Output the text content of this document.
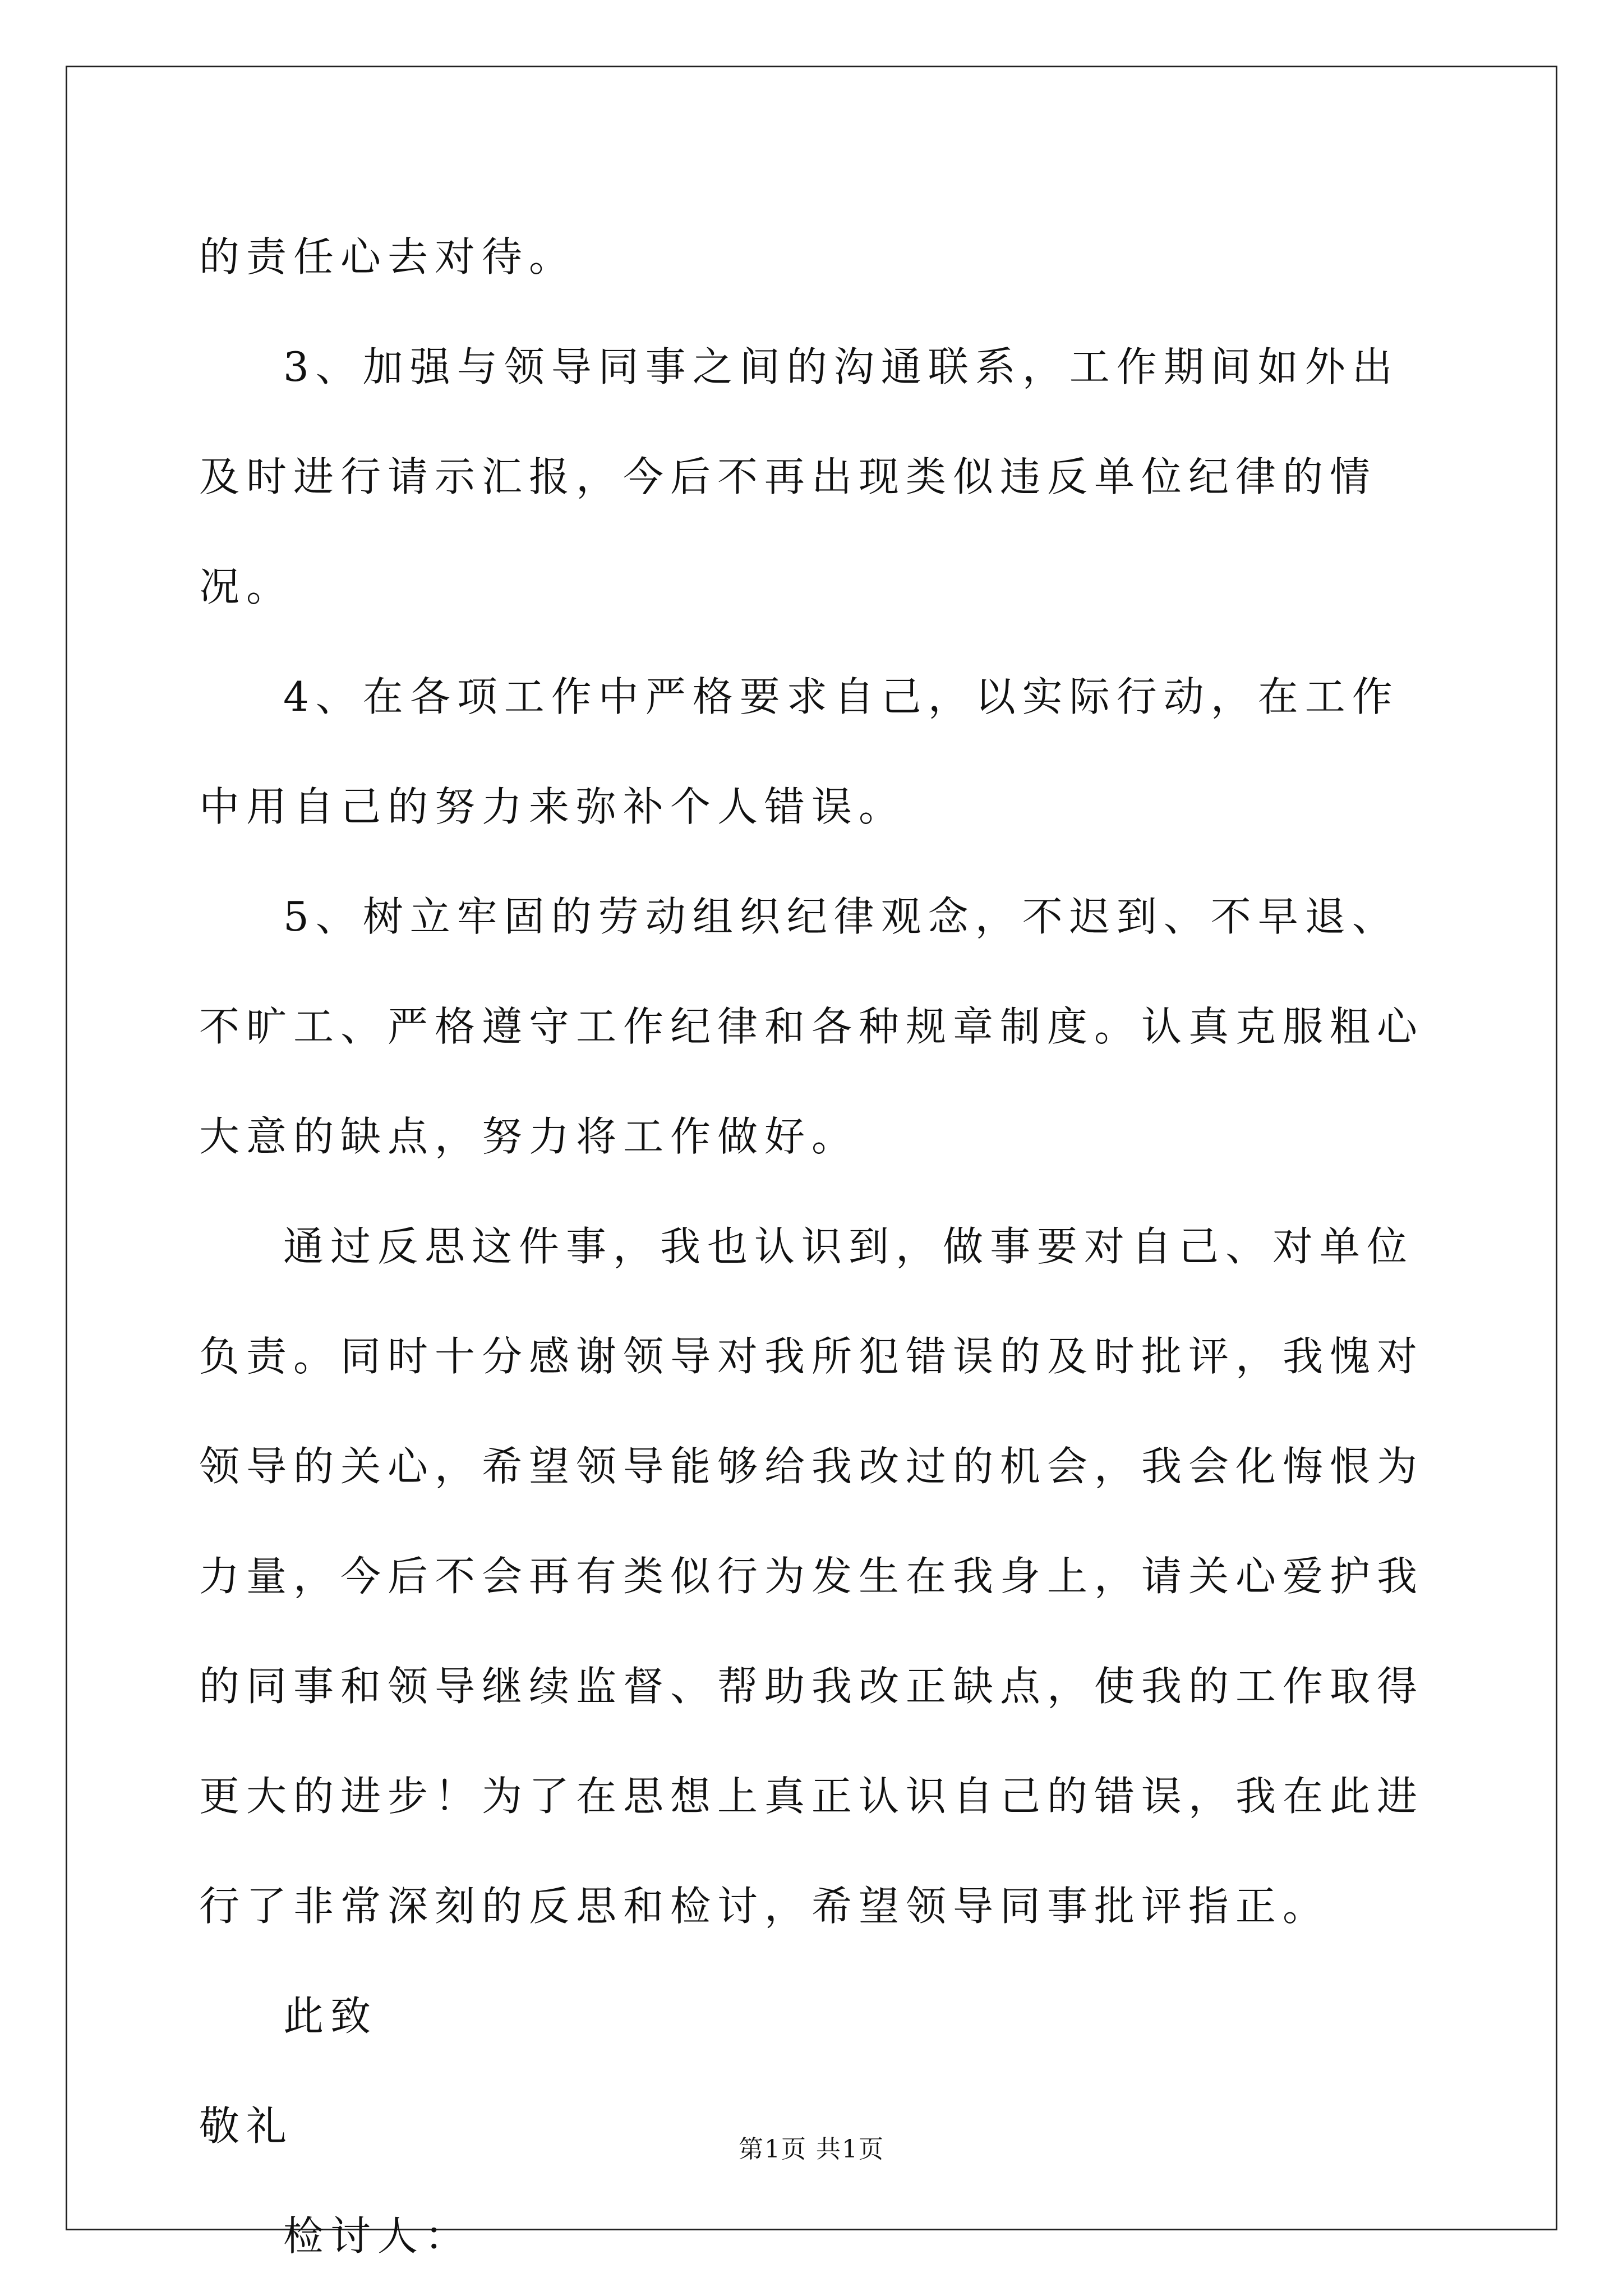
的责任心去对待。

3、加强与领导同事之间的沟通联系，工作期间如外出及时进行请示汇报，今后不再出现类似违反单位纪律的情况。

4、在各项工作中严格要求自己，以实际行动，在工作中用自己的努力来弥补个人错误。

5、树立牢固的劳动组织纪律观念，不迟到、不早退、不旷工、严格遵守工作纪律和各种规章制度。认真克服粗心大意的缺点，努力将工作做好。

通过反思这件事，我也认识到，做事要对自己、对单位负责。同时十分感谢领导对我所犯错误的及时批评，我愧对领导的关心，希望领导能够给我改过的机会，我会化悔恨为力量，今后不会再有类似行为发生在我身上，请关心爱护我的同事和领导继续监督、帮助我改正缺点，使我的工作取得更大的进步！为了在思想上真正认识自己的错误，我在此进行了非常深刻的反思和检讨，希望领导同事批评指正。

此致

敬礼

检讨人：

第1页 共1页
